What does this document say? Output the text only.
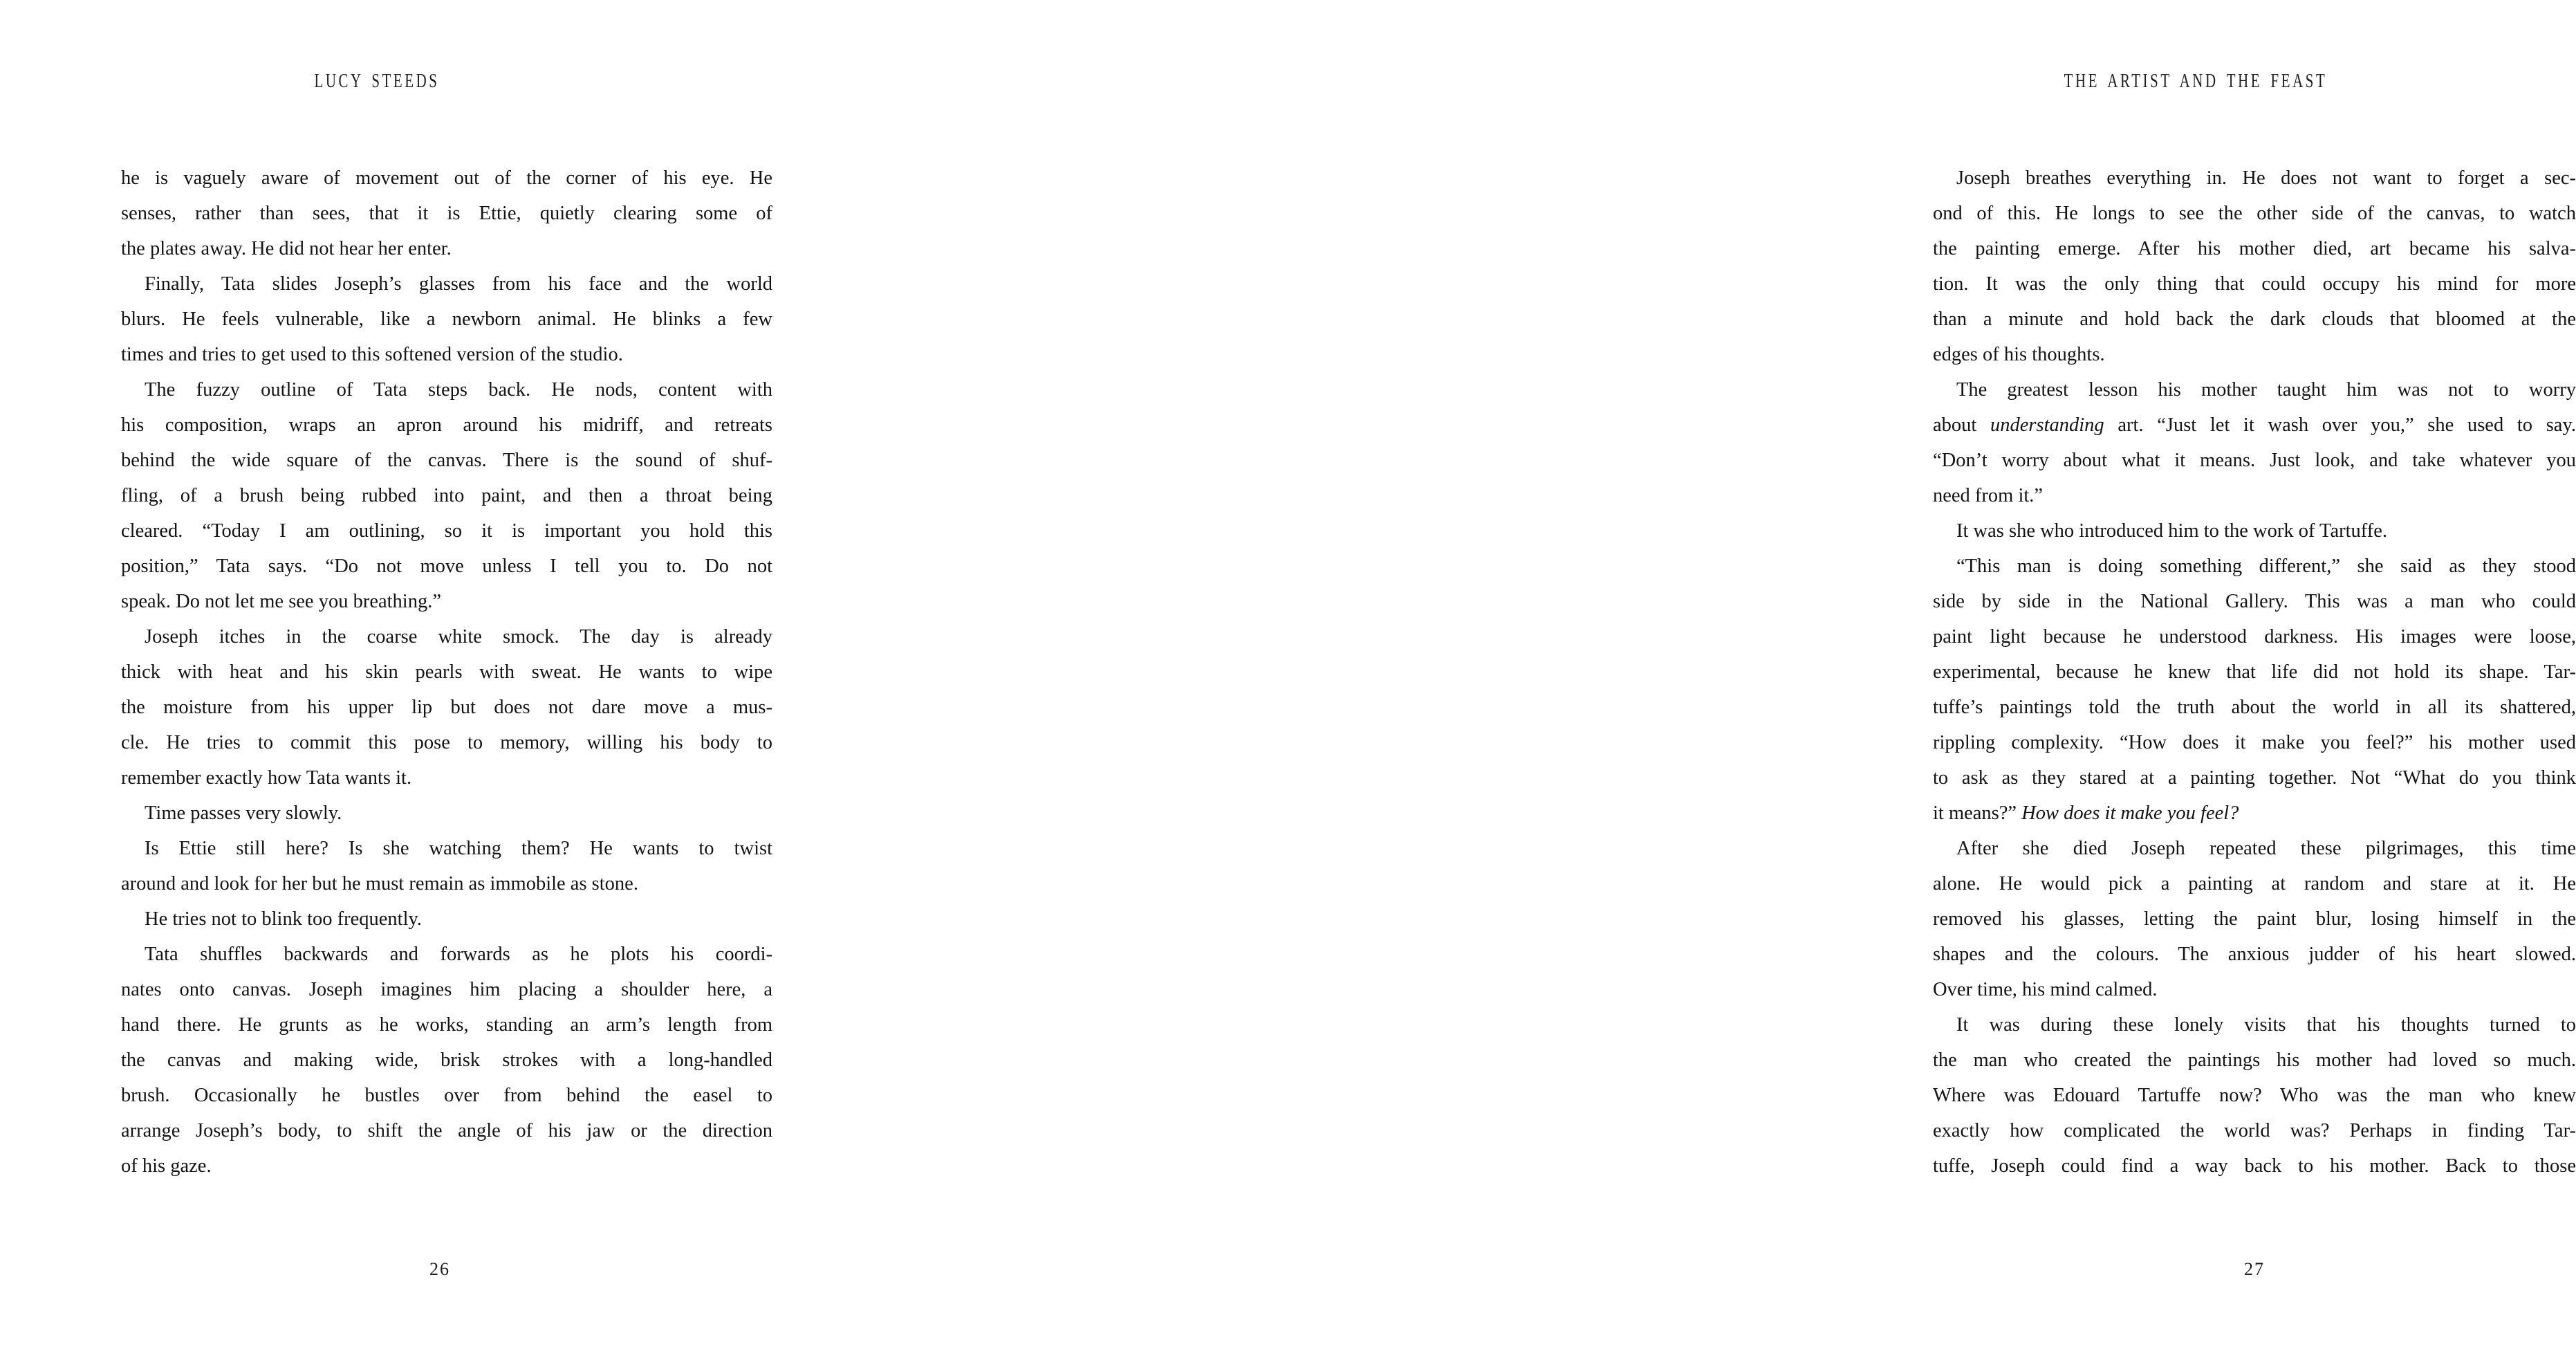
LUCY STEEDS
he is vaguely aware of movement out of the corner of his eye. He
senses, rather than sees, that it is Ettie, quietly clearing some of
the plates away. He did not hear her enter.
Finally, Tata slides Joseph’s glasses from his face and the world
blurs. He feels vulnerable, like a newborn animal. He blinks a few
times and tries to get used to this softened version of the studio.
The fuzzy outline of Tata steps back. He nods, content with
his composition, wraps an apron around his midriff, and retreats
behind the wide square of the canvas. There is the sound of shuf-
fling, of a brush being rubbed into paint, and then a throat being
cleared. “Today I am outlining, so it is important you hold this
position,” Tata says. “Do not move unless I tell you to. Do not
speak. Do not let me see you breathing.”
Joseph itches in the coarse white smock. The day is already
thick with heat and his skin pearls with sweat. He wants to wipe
the moisture from his upper lip but does not dare move a mus-
cle. He tries to commit this pose to memory, willing his body to
remember exactly how Tata wants it.
Time passes very slowly.
Is Ettie still here? Is she watching them? He wants to twist
around and look for her but he must remain as immobile as stone.
He tries not to blink too frequently.
Tata shuffles backwards and forwards as he plots his coordi-
nates onto canvas. Joseph imagines him placing a shoulder here, a
hand there. He grunts as he works, standing an arm’s length from
the canvas and making wide, brisk strokes with a long-handled
brush. Occasionally he bustles over from behind the easel to
arrange Joseph’s body, to shift the angle of his jaw or the direction
of his gaze.
26
THE ARTIST AND THE FEAST
Joseph breathes everything in. He does not want to forget a sec-
ond of this. He longs to see the other side of the canvas, to watch
the painting emerge. After his mother died, art became his salva-
tion. It was the only thing that could occupy his mind for more
than a minute and hold back the dark clouds that bloomed at the
edges of his thoughts.
The greatest lesson his mother taught him was not to worry
about understanding art. “Just let it wash over you,” she used to say.
“Don’t worry about what it means. Just look, and take whatever you
need from it.”
It was she who introduced him to the work of Tartuffe.
“This man is doing something different,” she said as they stood
side by side in the National Gallery. This was a man who could
paint light because he understood darkness. His images were loose,
experimental, because he knew that life did not hold its shape. Tar-
tuffe’s paintings told the truth about the world in all its shattered,
rippling complexity. “How does it make you feel?” his mother used
to ask as they stared at a painting together. Not “What do you think
it means?” How does it make you feel?
After she died Joseph repeated these pilgrimages, this time
alone. He would pick a painting at random and stare at it. He
removed his glasses, letting the paint blur, losing himself in the
shapes and the colours. The anxious judder of his heart slowed.
Over time, his mind calmed.
It was during these lonely visits that his thoughts turned to
the man who created the paintings his mother had loved so much.
Where was Edouard Tartuffe now? Who was the man who knew
exactly how complicated the world was? Perhaps in finding Tar-
tuffe, Joseph could find a way back to his mother. Back to those
27
